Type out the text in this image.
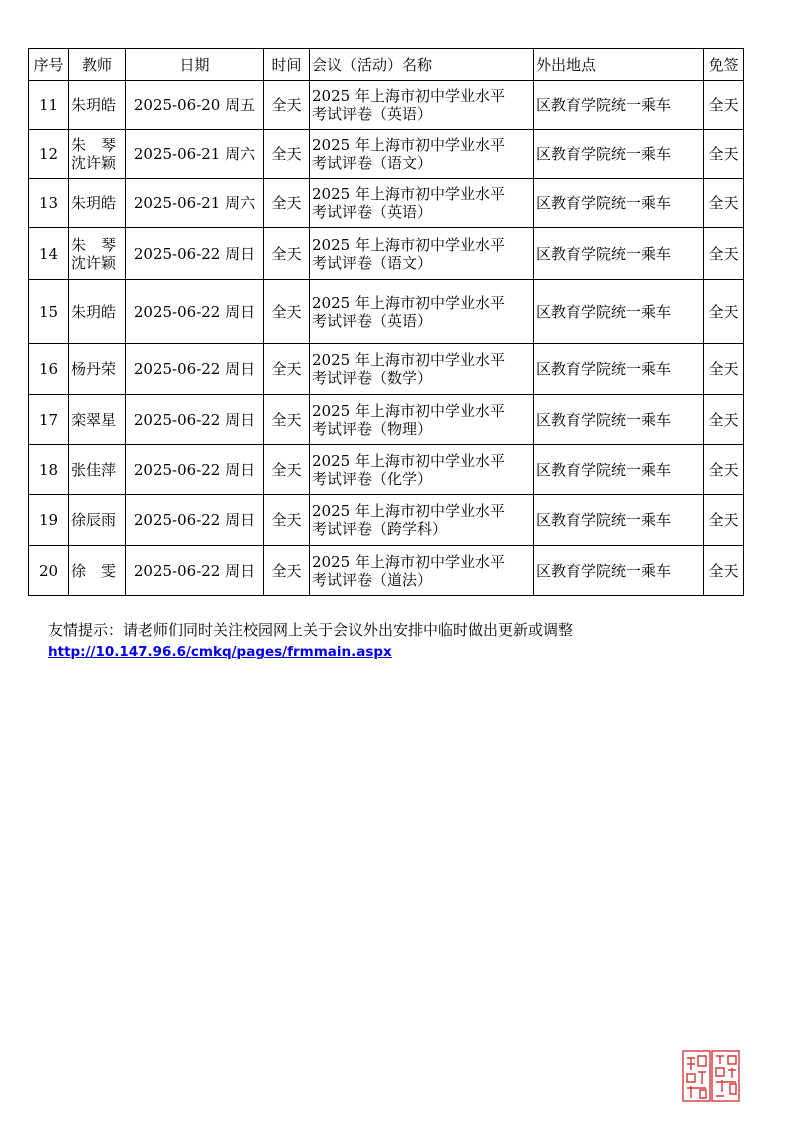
序号	教师	日期	时间	会议（活动）名称	外出地点	免签
11	朱玥皓	2025-06-20 周五	全天	2025 年上海市初中学业水平
考试评卷（英语）	区教育学院统一乘车	全天
12	朱　琴
沈许颖	2025-06-21 周六	全天	2025 年上海市初中学业水平
考试评卷（语文）	区教育学院统一乘车	全天
13	朱玥皓	2025-06-21 周六	全天	2025 年上海市初中学业水平
考试评卷（英语）	区教育学院统一乘车	全天
14	朱　琴
沈许颖	2025-06-22 周日	全天	2025 年上海市初中学业水平
考试评卷（语文）	区教育学院统一乘车	全天
15	朱玥皓	2025-06-22 周日	全天	2025 年上海市初中学业水平
考试评卷（英语）	区教育学院统一乘车	全天
16	杨丹荣	2025-06-22 周日	全天	2025 年上海市初中学业水平
考试评卷（数学）	区教育学院统一乘车	全天
17	栾翠星	2025-06-22 周日	全天	2025 年上海市初中学业水平
考试评卷（物理）	区教育学院统一乘车	全天
18	张佳萍	2025-06-22 周日	全天	2025 年上海市初中学业水平
考试评卷（化学）	区教育学院统一乘车	全天
19	徐辰雨	2025-06-22 周日	全天	2025 年上海市初中学业水平
考试评卷（跨学科）	区教育学院统一乘车	全天
20	徐　雯	2025-06-22 周日	全天	2025 年上海市初中学业水平
考试评卷（道法）	区教育学院统一乘车	全天
友情提示：请老师们同时关注校园网上关于会议外出安排中临时做出更新或调整
http://10.147.96.6/cmkq/pages/frmmain.aspx
